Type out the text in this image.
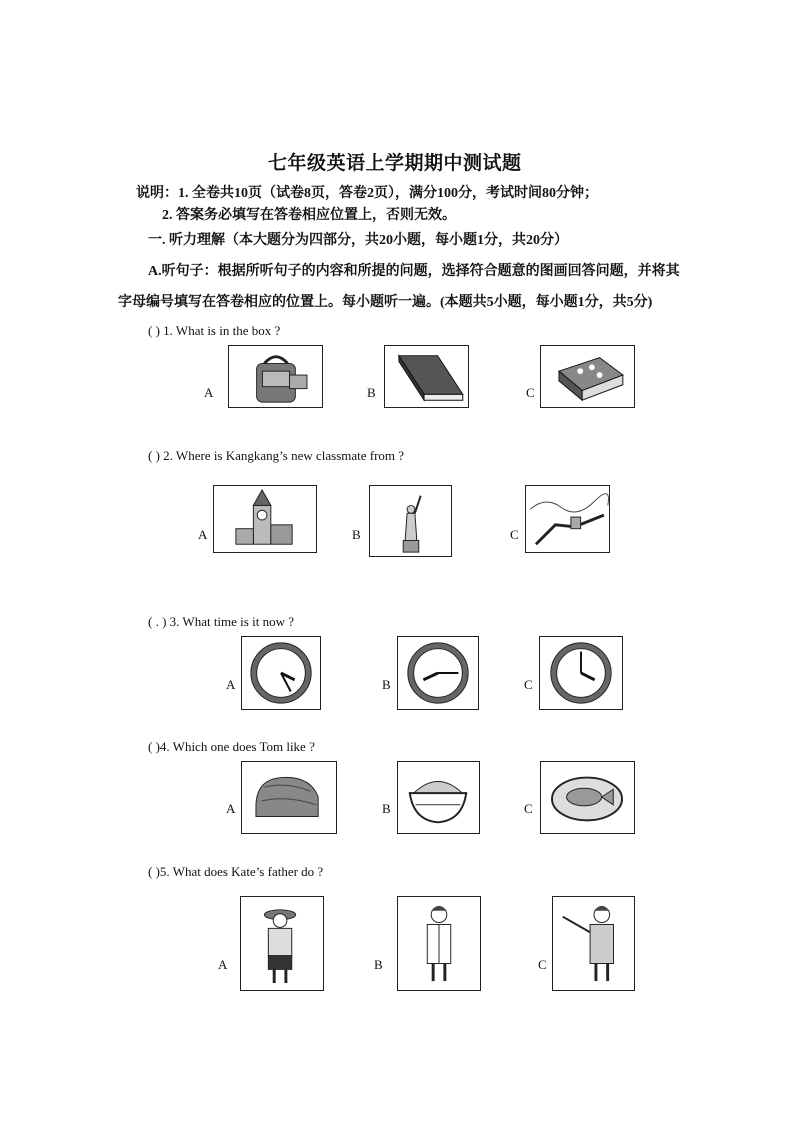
七年级英语上学期期中测试题
说明：1. 全卷共10页（试卷8页，答卷2页），满分100分，考试时间80分钟；
2. 答案务必填写在答卷相应位置上，否则无效。
一. 听力理解（本大题分为四部分，共20小题，每小题1分，共20分）
A.听句子：根据所听句子的内容和所提的问题，选择符合题意的图画回答问题，并将其
字母编号填写在答卷相应的位置上。每小题听一遍。(本题共5小题，每小题1分，共5分)
( ) 1. What is in the box ?
A	B	C
( ) 2. Where is Kangkang’s new classmate from ?
A	B	C
( . ) 3. What time is it now ?
A	B	C
( )4. Which one does Tom like ?
A	B	C
( )5. What does Kate’s father do ?
A	B	C
